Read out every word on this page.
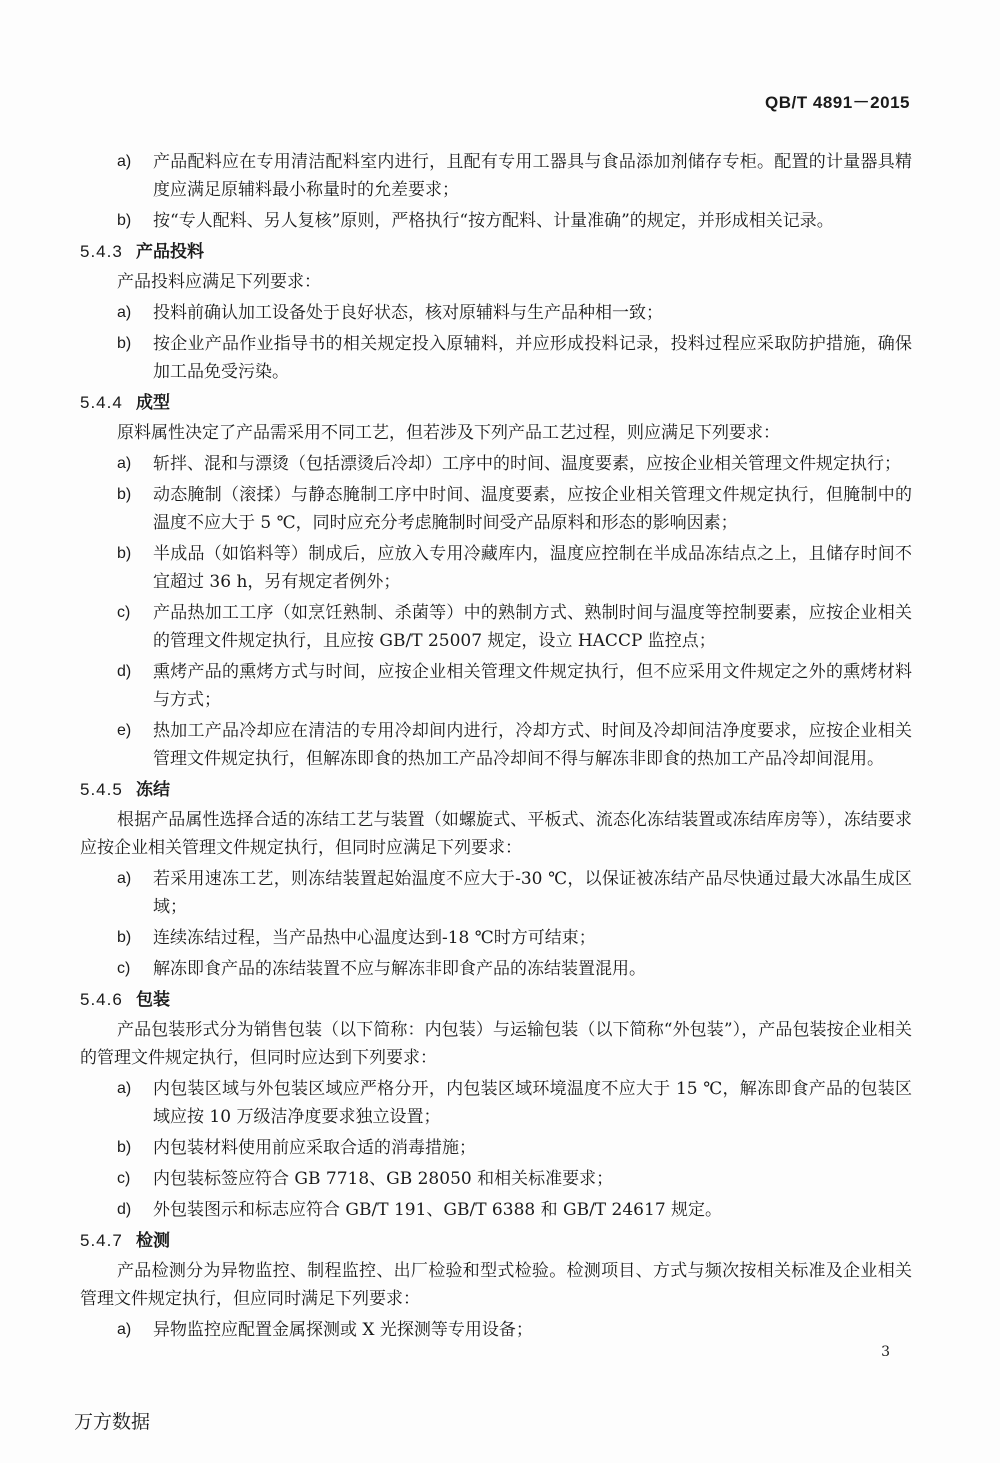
QB/T 4891－2015
a)	产品配料应在专用清洁配料室内进行，且配有专用工器具与食品添加剂储存专柜。配置的计量器具精度应满足原辅料最小称量时的允差要求；
b)	按“专人配料、另人复核”原则，严格执行“按方配料、计量准确”的规定，并形成相关记录。
5.4.3 产品投料
产品投料应满足下列要求：
a)	投料前确认加工设备处于良好状态，核对原辅料与生产品种相一致；
b)	按企业产品作业指导书的相关规定投入原辅料，并应形成投料记录，投料过程应采取防护措施，确保加工品免受污染。
5.4.4 成型
原料属性决定了产品需采用不同工艺，但若涉及下列产品工艺过程，则应满足下列要求：
a)	斩拌、混和与漂烫（包括漂烫后冷却）工序中的时间、温度要素，应按企业相关管理文件规定执行；
b)	动态腌制（滚揉）与静态腌制工序中时间、温度要素，应按企业相关管理文件规定执行，但腌制中的温度不应大于 5 ℃，同时应充分考虑腌制时间受产品原料和形态的影响因素；
b)	半成品（如馅料等）制成后，应放入专用冷藏库内，温度应控制在半成品冻结点之上，且储存时间不宜超过 36 h，另有规定者例外；
c)	产品热加工工序（如烹饪熟制、杀菌等）中的熟制方式、熟制时间与温度等控制要素，应按企业相关的管理文件规定执行，且应按 GB/T 25007 规定，设立 HACCP 监控点；
d)	熏烤产品的熏烤方式与时间，应按企业相关管理文件规定执行，但不应采用文件规定之外的熏烤材料与方式；
e)	热加工产品冷却应在清洁的专用冷却间内进行，冷却方式、时间及冷却间洁净度要求，应按企业相关管理文件规定执行，但解冻即食的热加工产品冷却间不得与解冻非即食的热加工产品冷却间混用。
5.4.5 冻结
根据产品属性选择合适的冻结工艺与装置（如螺旋式、平板式、流态化冻结装置或冻结库房等），冻结要求应按企业相关管理文件规定执行，但同时应满足下列要求：
a)	若采用速冻工艺，则冻结装置起始温度不应大于-30 ℃，以保证被冻结产品尽快通过最大冰晶生成区域；
b)	连续冻结过程，当产品热中心温度达到-18 ℃时方可结束；
c)	解冻即食产品的冻结装置不应与解冻非即食产品的冻结装置混用。
5.4.6 包装
产品包装形式分为销售包装（以下简称：内包装）与运输包装（以下简称“外包装”），产品包装按企业相关的管理文件规定执行，但同时应达到下列要求：
a)	内包装区域与外包装区域应严格分开，内包装区域环境温度不应大于 15 ℃，解冻即食产品的包装区域应按 10 万级洁净度要求独立设置；
b)	内包装材料使用前应采取合适的消毒措施；
c)	内包装标签应符合 GB 7718、GB 28050 和相关标准要求；
d)	外包装图示和标志应符合 GB/T 191、GB/T 6388 和 GB/T 24617 规定。
5.4.7 检测
产品检测分为异物监控、制程监控、出厂检验和型式检验。检测项目、方式与频次按相关标准及企业相关管理文件规定执行，但应同时满足下列要求：
a)	异物监控应配置金属探测或 X 光探测等专用设备；
3
万方数据
